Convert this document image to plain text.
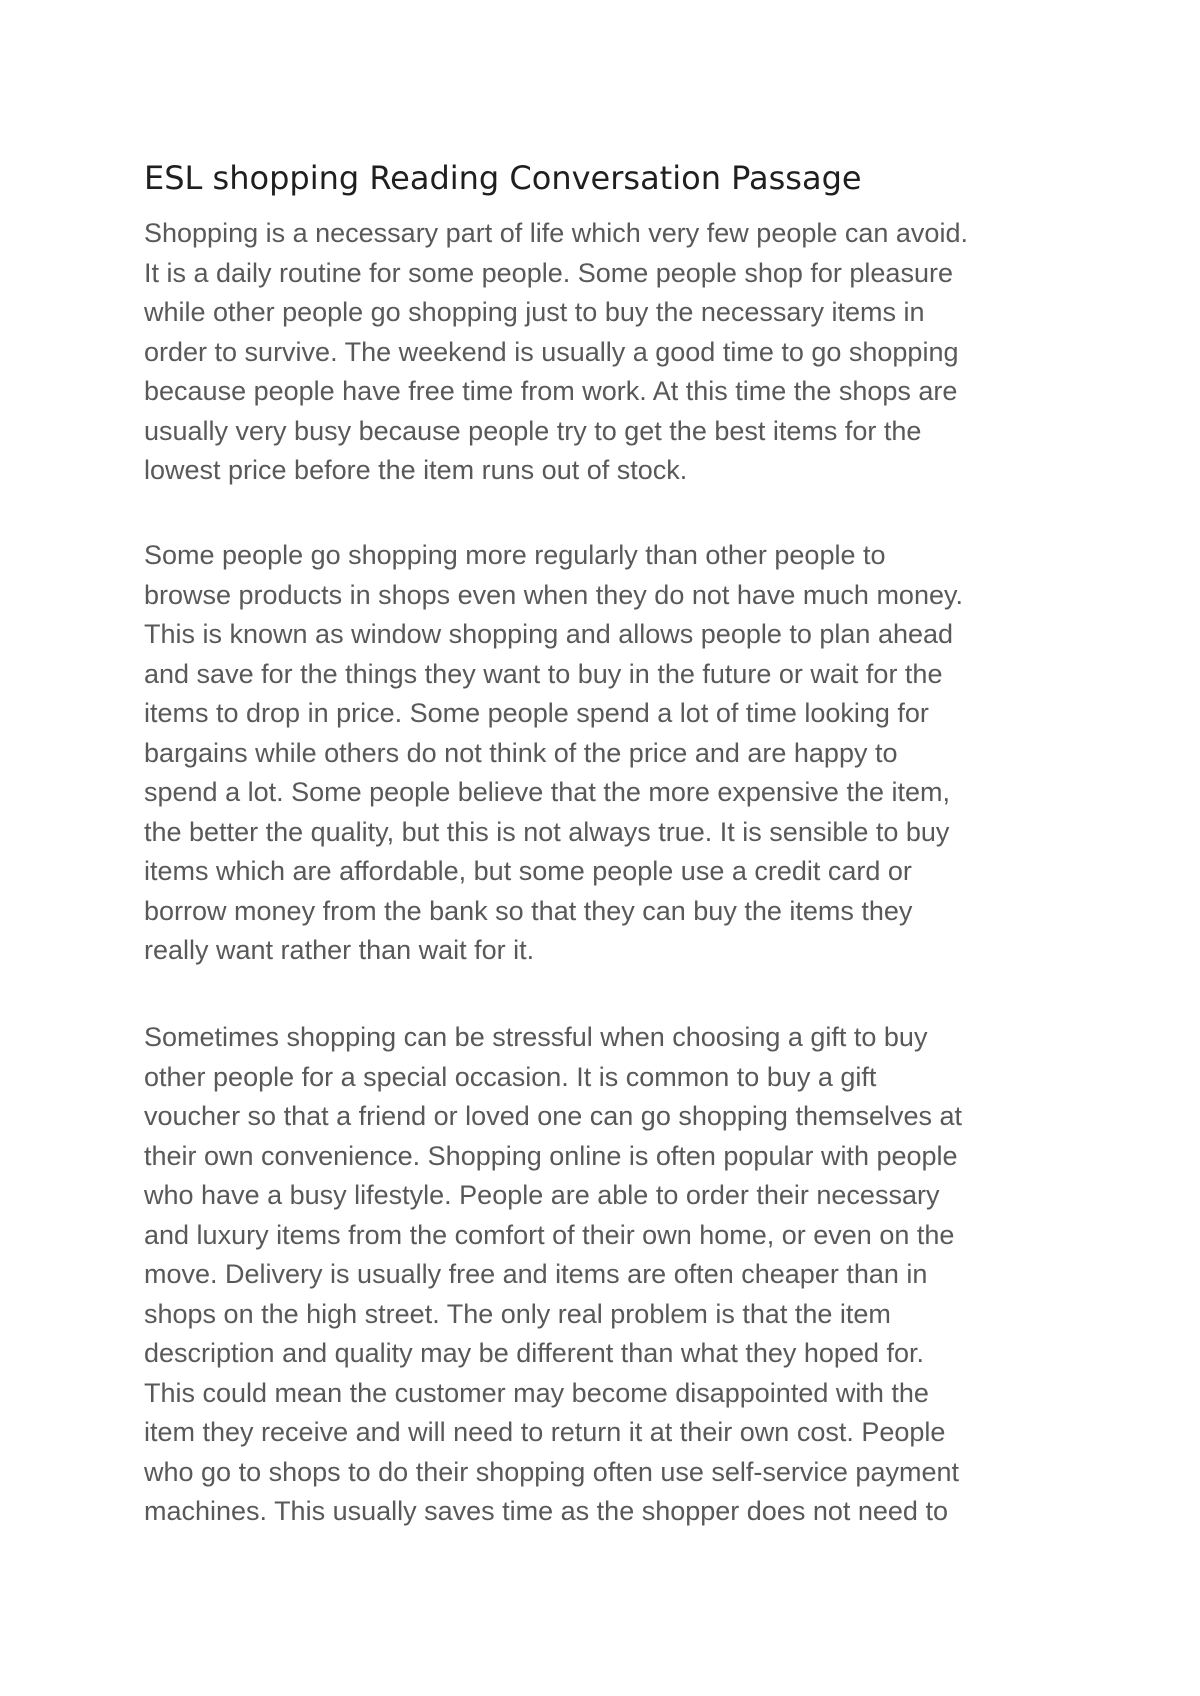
ESL shopping Reading Conversation Passage

Shopping is a necessary part of life which very few people can avoid.
It is a daily routine for some people. Some people shop for pleasure
while other people go shopping just to buy the necessary items in
order to survive. The weekend is usually a good time to go shopping
because people have free time from work. At this time the shops are
usually very busy because people try to get the best items for the
lowest price before the item runs out of stock.

Some people go shopping more regularly than other people to
browse products in shops even when they do not have much money.
This is known as window shopping and allows people to plan ahead
and save for the things they want to buy in the future or wait for the
items to drop in price. Some people spend a lot of time looking for
bargains while others do not think of the price and are happy to
spend a lot. Some people believe that the more expensive the item,
the better the quality, but this is not always true. It is sensible to buy
items which are affordable, but some people use a credit card or
borrow money from the bank so that they can buy the items they
really want rather than wait for it.

Sometimes shopping can be stressful when choosing a gift to buy
other people for a special occasion. It is common to buy a gift
voucher so that a friend or loved one can go shopping themselves at
their own convenience. Shopping online is often popular with people
who have a busy lifestyle. People are able to order their necessary
and luxury items from the comfort of their own home, or even on the
move. Delivery is usually free and items are often cheaper than in
shops on the high street. The only real problem is that the item
description and quality may be different than what they hoped for.
This could mean the customer may become disappointed with the
item they receive and will need to return it at their own cost. People
who go to shops to do their shopping often use self-service payment
machines. This usually saves time as the shopper does not need to
